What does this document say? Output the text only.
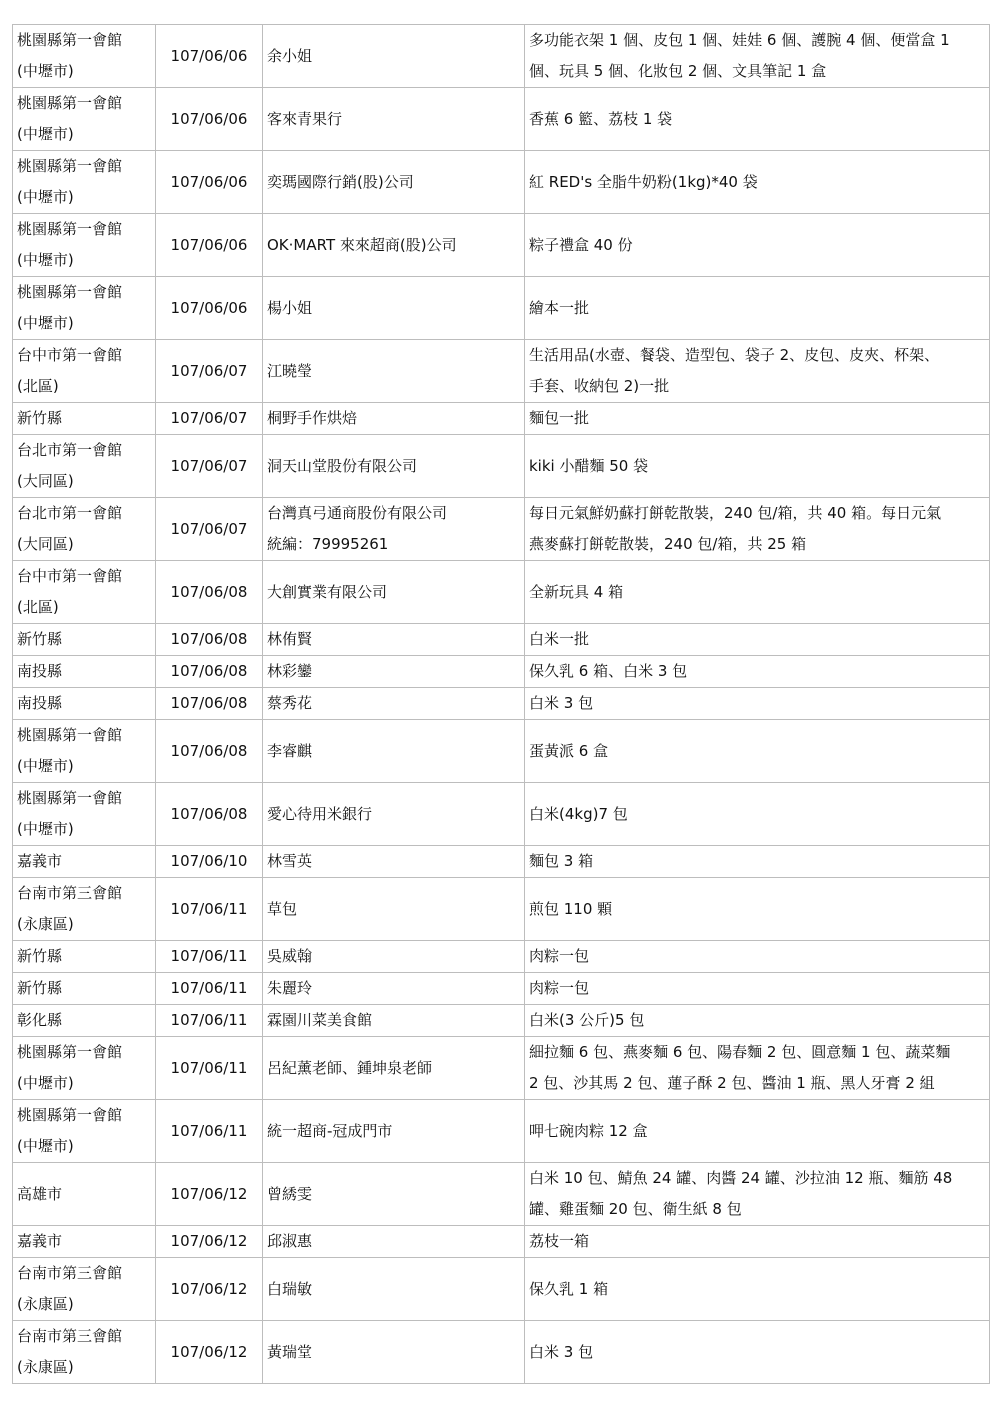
桃園縣第一會館
(中壢市)	107/06/06	余小姐	多功能衣架 1 個、皮包 1 個、娃娃 6 個、護腕 4 個、便當盒 1
個、玩具 5 個、化妝包 2 個、文具筆記 1 盒

桃園縣第一會館
(中壢市)	107/06/06	客來青果行	香蕉 6 籃、荔枝 1 袋

桃園縣第一會館
(中壢市)	107/06/06	奕瑪國際行銷(股)公司	紅 RED's 全脂牛奶粉(1kg)*40 袋

桃園縣第一會館
(中壢市)	107/06/06	OK·MART 來來超商(股)公司	粽子禮盒 40 份

桃園縣第一會館
(中壢市)	107/06/06	楊小姐	繪本一批

台中市第一會館
(北區)	107/06/07	江曉瑩	生活用品(水壺、餐袋、造型包、袋子 2、皮包、皮夾、杯架、
手套、收納包 2)一批

新竹縣	107/06/07	桐野手作烘焙	麵包一批

台北市第一會館
(大同區)	107/06/07	洞天山堂股份有限公司	kiki 小醋麵 50 袋

台北市第一會館
(大同區)	107/06/07	台灣真弓通商股份有限公司
統編：79995261	每日元氣鮮奶蘇打餅乾散裝，240 包/箱，共 40 箱。每日元氣
燕麥蘇打餅乾散裝，240 包/箱，共 25 箱

台中市第一會館
(北區)	107/06/08	大創實業有限公司	全新玩具 4 箱

新竹縣	107/06/08	林侑賢	白米一批

南投縣	107/06/08	林彩鑾	保久乳 6 箱、白米 3 包

南投縣	107/06/08	蔡秀花	白米 3 包

桃園縣第一會館
(中壢市)	107/06/08	李睿麒	蛋黃派 6 盒

桃園縣第一會館
(中壢市)	107/06/08	愛心待用米銀行	白米(4kg)7 包

嘉義市	107/06/10	林雪英	麵包 3 箱

台南市第三會館
(永康區)	107/06/11	草包	煎包 110 顆

新竹縣	107/06/11	吳威翰	肉粽一包

新竹縣	107/06/11	朱麗玲	肉粽一包

彰化縣	107/06/11	霖園川菜美食館	白米(3 公斤)5 包

桃園縣第一會館
(中壢市)	107/06/11	呂紀薰老師、鍾坤泉老師	細拉麵 6 包、燕麥麵 6 包、陽春麵 2 包、圓意麵 1 包、蔬菜麵
2 包、沙其馬 2 包、蓮子酥 2 包、醬油 1 瓶、黑人牙膏 2 組

桃園縣第一會館
(中壢市)	107/06/11	統一超商-冠成門市	呷七碗肉粽 12 盒

高雄市	107/06/12	曾綉雯	白米 10 包、鯖魚 24 罐、肉醬 24 罐、沙拉油 12 瓶、麵筋 48
罐、雞蛋麵 20 包、衛生紙 8 包

嘉義市	107/06/12	邱淑惠	荔枝一箱

台南市第三會館
(永康區)	107/06/12	白瑞敏	保久乳 1 箱

台南市第三會館
(永康區)	107/06/12	黃瑞堂	白米 3 包
